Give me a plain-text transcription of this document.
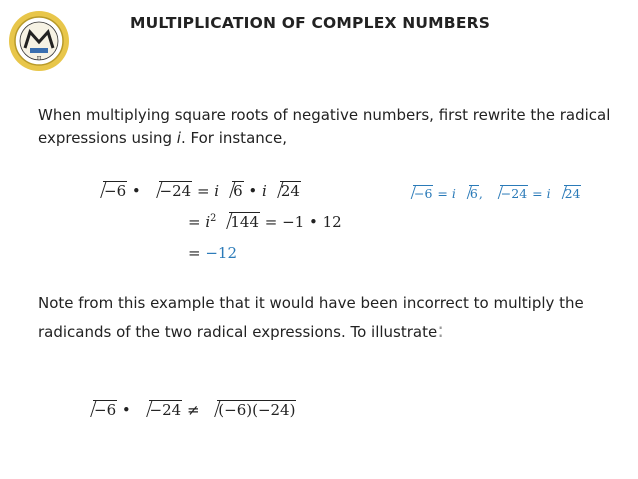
π
MULTIPLICATION OF COMPLEX NUMBERS
When multiplying square roots of negative numbers, first rewrite the radical expressions using i. For instance,
−6 • −24 = i 6 • i 24
= $i^2$ 144 = −1 • 12
= −12
−6 = i 6, −24 = i 24
Note from this example that it would have been incorrect to multiply the radicands of the two radical expressions. To illustrate:
−6 • −24 ≠ (−6)(−24)
